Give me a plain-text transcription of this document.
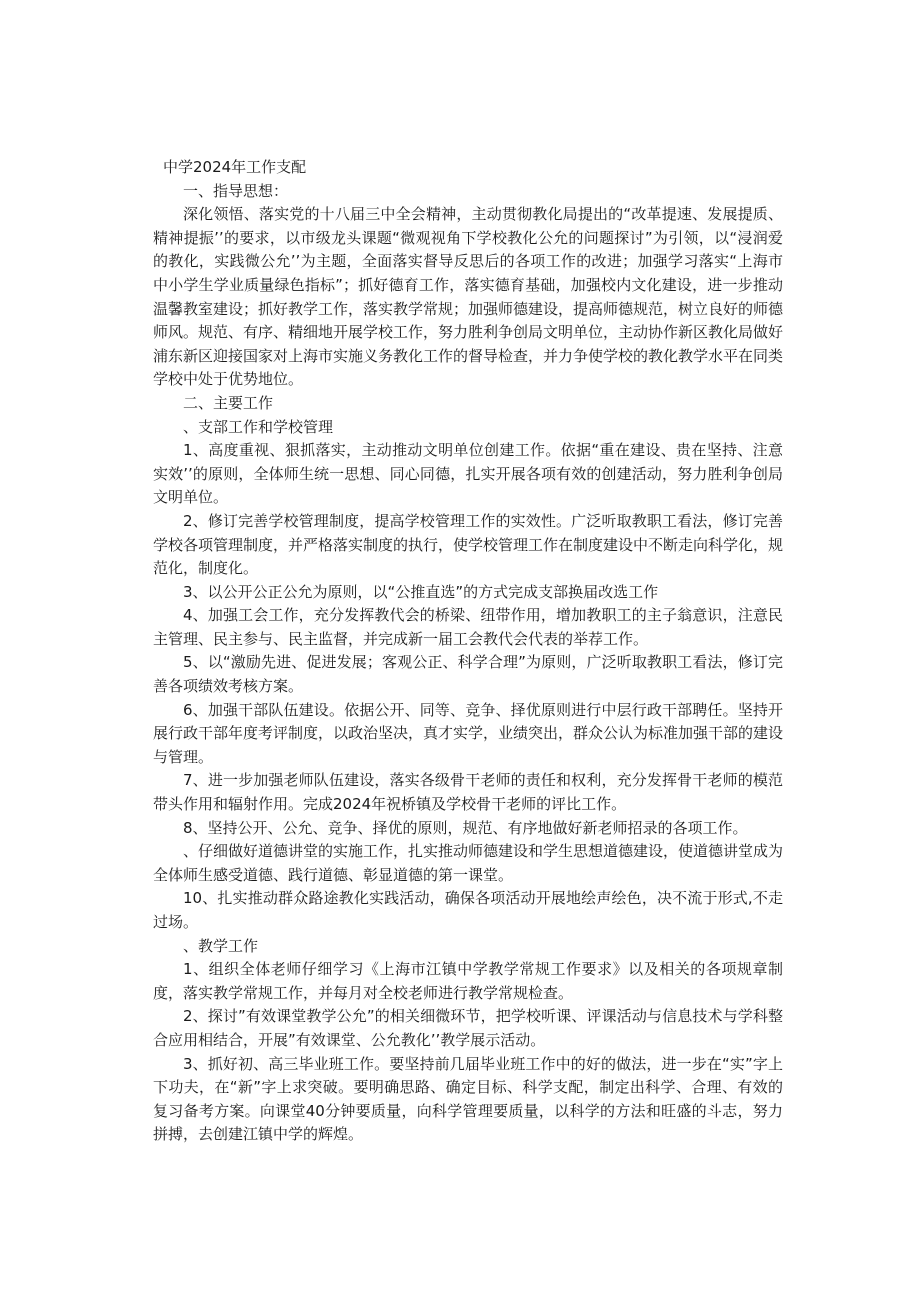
中学2024年工作支配

一、指导思想：

深化领悟、落实党的十八届三中全会精神，主动贯彻教化局提出的“改革提速、发展提质、精神提振’’的要求，以市级龙头课题“微观视角下学校教化公允的问题探讨”为引领，以“浸润爱的教化，实践微公允’’为主题，全面落实督导反思后的各项工作的改进；加强学习落实“上海市中小学生学业质量绿色指标”；抓好德育工作，落实德育基础，加强校内文化建设，进一步推动温馨教室建设；抓好教学工作，落实教学常规；加强师德建设，提高师德规范，树立良好的师德师风。规范、有序、精细地开展学校工作，努力胜利争创局文明单位，主动协作新区教化局做好浦东新区迎接国家对上海市实施义务教化工作的督导检查，并力争使学校的教化教学水平在同类学校中处于优势地位。

二、主要工作

、支部工作和学校管理

1、高度重视、狠抓落实，主动推动文明单位创建工作。依据“重在建设、贵在坚持、注意实效’’的原则，全体师生统一思想、同心同德，扎实开展各项有效的创建活动，努力胜利争创局文明单位。

2、修订完善学校管理制度，提高学校管理工作的实效性。广泛听取教职工看法，修订完善学校各项管理制度，并严格落实制度的执行，使学校管理工作在制度建设中不断走向科学化，规范化，制度化。

3、以公开公正公允为原则，以“公推直选”的方式完成支部换届改选工作

4、加强工会工作，充分发挥教代会的桥梁、纽带作用，增加教职工的主子翁意识，注意民主管理、民主参与、民主监督，并完成新一届工会教代会代表的举荐工作。

5、以“激励先进、促进发展；客观公正、科学合理”为原则，广泛听取教职工看法，修订完善各项绩效考核方案。

6、加强干部队伍建设。依据公开、同等、竞争、择优原则进行中层行政干部聘任。坚持开展行政干部年度考评制度，以政治坚决，真才实学，业绩突出，群众公认为标准加强干部的建设与管理。

7、进一步加强老师队伍建设，落实各级骨干老师的责任和权利，充分发挥骨干老师的模范带头作用和辐射作用。完成2024年祝桥镇及学校骨干老师的评比工作。

8、坚持公开、公允、竞争、择优的原则，规范、有序地做好新老师招录的各项工作。

、仔细做好道德讲堂的实施工作，扎实推动师德建设和学生思想道德建设，使道德讲堂成为全体师生感受道德、践行道德、彰显道德的第一课堂。

10、扎实推动群众路途教化实践活动，确保各项活动开展地绘声绘色，决不流于形式,不走过场。

、教学工作

1、组织全体老师仔细学习《上海市江镇中学教学常规工作要求》以及相关的各项规章制度，落实教学常规工作，并每月对全校老师进行教学常规检查。

2、探讨”有效课堂教学公允”的相关细微环节，把学校听课、评课活动与信息技术与学科整合应用相结合，开展”有效课堂、公允教化’’教学展示活动。

3、抓好初、高三毕业班工作。要坚持前几届毕业班工作中的好的做法，进一步在“实”字上下功夫，在“新”字上求突破。要明确思路、确定目标、科学支配，制定出科学、合理、有效的复习备考方案。向课堂40分钟要质量，向科学管理要质量，以科学的方法和旺盛的斗志，努力拼搏，去创建江镇中学的辉煌。
